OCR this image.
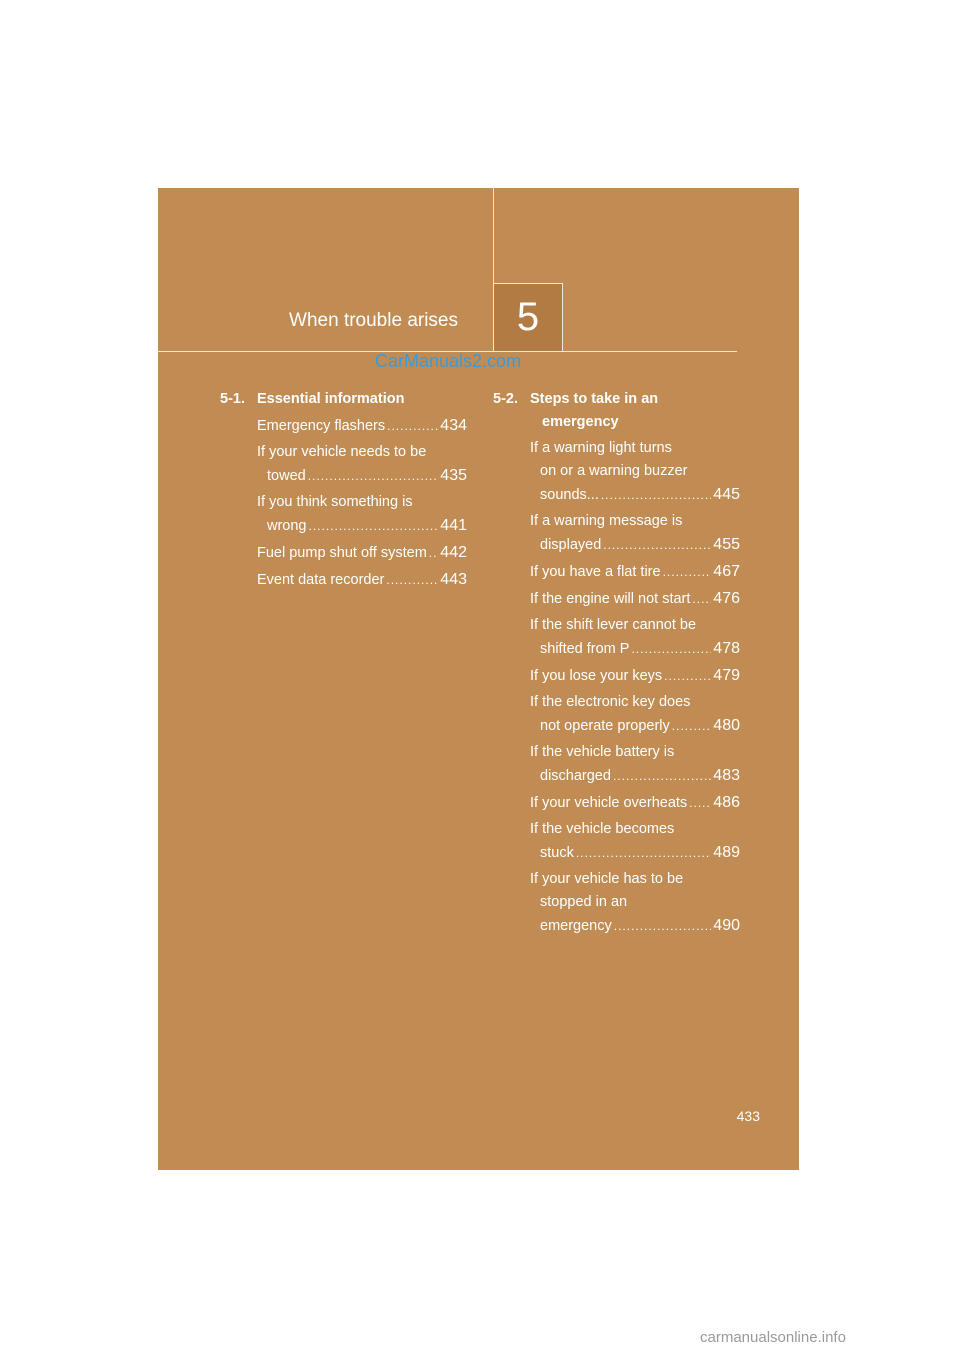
When trouble arises	5
CarManuals2.com
5-1. Essential information
Emergency flashers .....	434
If your vehicle needs to be
towed .....	435
If you think something is
wrong .....	441
Fuel pump shut off system ..... 442
Event data recorder .....	443
5-2. Steps to take in an
emergency
If a warning light turns
on or a warning buzzer
sounds... .....	445
If a warning message is
displayed .....	455
If you have a flat tire .....	467
If the engine will not start ..... 476
If the shift lever cannot be
shifted from P .....	478
If you lose your keys .....	479
If the electronic key does
not operate properly .....	480
If the vehicle battery is
discharged .....	483
If your vehicle overheats ..... 486
If the vehicle becomes
stuck .....	489
If your vehicle has to be
stopped in an
emergency .....	490
433
carmanualsonline.info
